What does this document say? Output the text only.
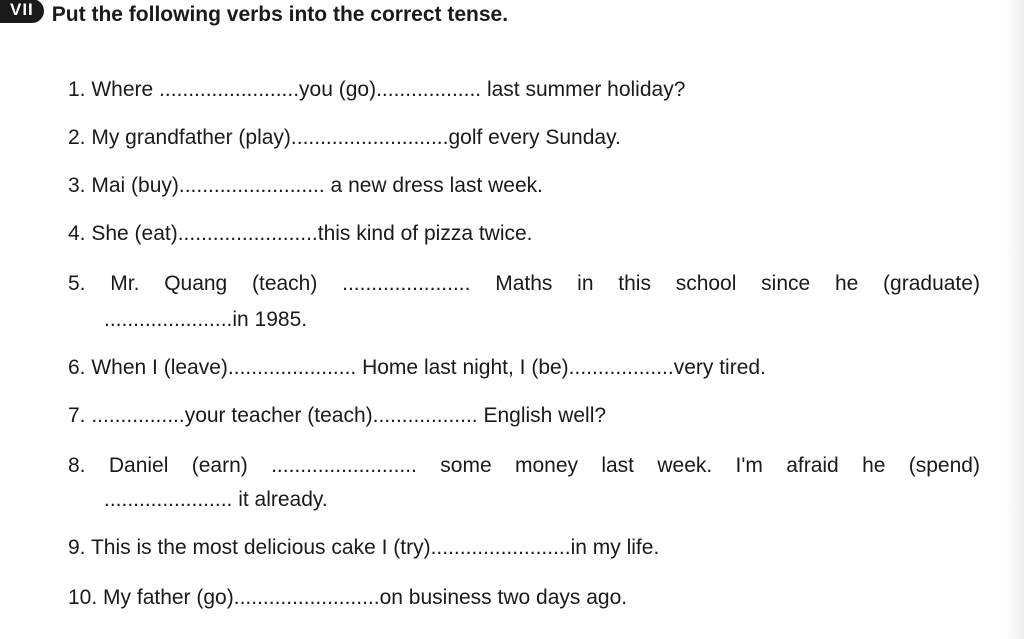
VII Put the following verbs into the correct tense.
1. Where ........................you (go).................. last summer holiday?
2. My grandfather (play)...........................golf every Sunday.
3. Mai (buy)......................... a new dress last week.
4. She (eat)........................this kind of pizza twice.
5. Mr. Quang (teach) ...................... Maths in this school since he (graduate)
......................in 1985.
6. When I (leave)...................... Home last night, I (be)..................very tired.
7. ................your teacher (teach).................. English well?
8. Daniel (earn) ......................... some money last week. I'm afraid he (spend)
...................... it already.
9. This is the most delicious cake I (try)........................in my life.
10. My father (go).........................on business two days ago.
